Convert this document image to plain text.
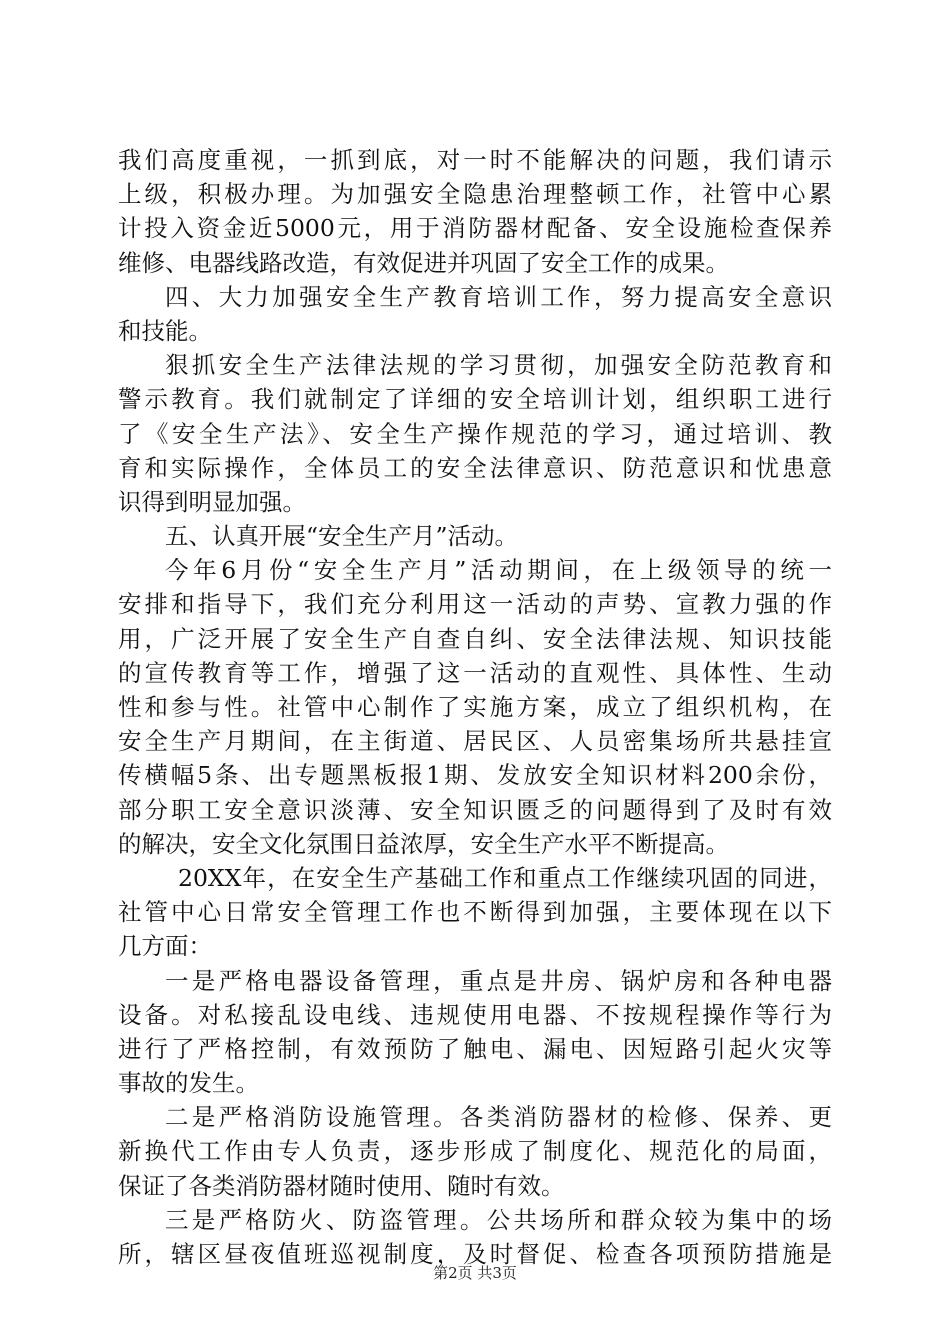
我们高度重视，一抓到底，对一时不能解决的问题，我们请示
上级，积极办理。为加强安全隐患治理整顿工作，社管中心累
计投入资金近5000元，用于消防器材配备、安全设施检查保养
维修、电器线路改造，有效促进并巩固了安全工作的成果。
四、大力加强安全生产教育培训工作，努力提高安全意识
和技能。
狠抓安全生产法律法规的学习贯彻，加强安全防范教育和
警示教育。我们就制定了详细的安全培训计划，组织职工进行
了《安全生产法》、安全生产操作规范的学习，通过培训、教
育和实际操作，全体员工的安全法律意识、防范意识和忧患意
识得到明显加强。
五、认真开展“安全生产月”活动。
今年6月份“安全生产月”活动期间，在上级领导的统一
安排和指导下，我们充分利用这一活动的声势、宣教力强的作
用，广泛开展了安全生产自查自纠、安全法律法规、知识技能
的宣传教育等工作，增强了这一活动的直观性、具体性、生动
性和参与性。社管中心制作了实施方案，成立了组织机构，在
安全生产月期间，在主街道、居民区、人员密集场所共悬挂宣
传横幅5条、出专题黑板报1期、发放安全知识材料200余份，
部分职工安全意识淡薄、安全知识匮乏的问题得到了及时有效
的解决，安全文化氛围日益浓厚，安全生产水平不断提高。
20XX年，在安全生产基础工作和重点工作继续巩固的同进，
社管中心日常安全管理工作也不断得到加强，主要体现在以下
几方面：
一是严格电器设备管理，重点是井房、锅炉房和各种电器
设备。对私接乱设电线、违规使用电器、不按规程操作等行为
进行了严格控制，有效预防了触电、漏电、因短路引起火灾等
事故的发生。
二是严格消防设施管理。各类消防器材的检修、保养、更
新换代工作由专人负责，逐步形成了制度化、规范化的局面，
保证了各类消防器材随时使用、随时有效。
三是严格防火、防盗管理。公共场所和群众较为集中的场
所，辖区昼夜值班巡视制度，及时督促、检查各项预防措施是
第2页 共3页
